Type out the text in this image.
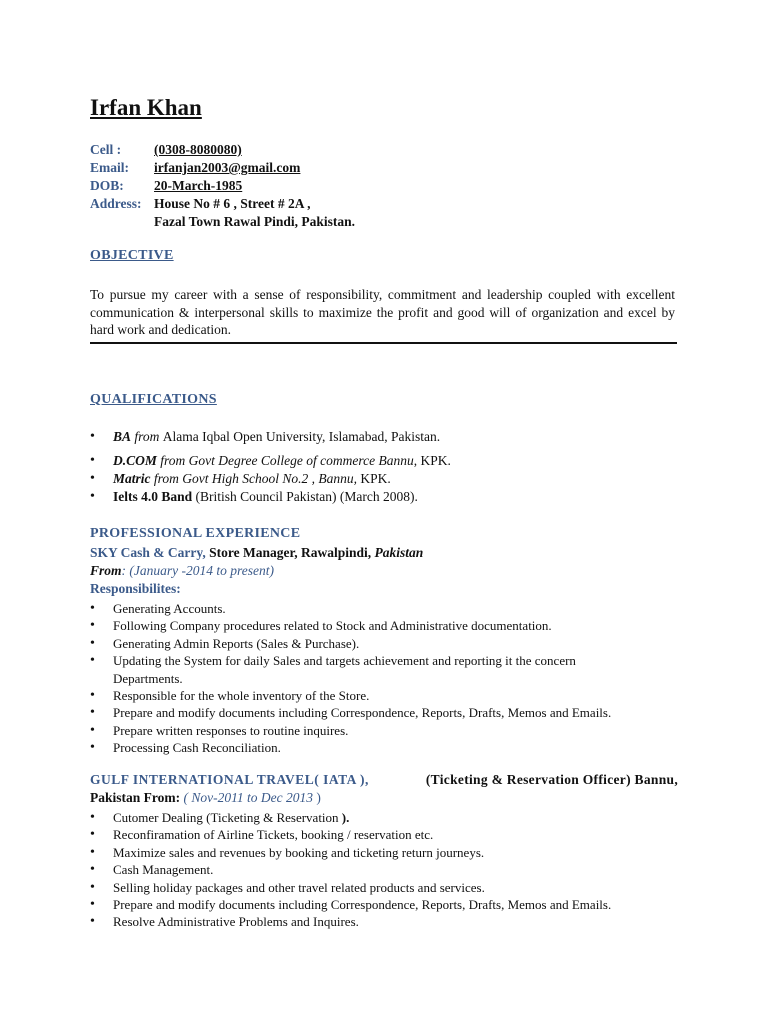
Irfan Khan
Cell :	(0308-8080080)
Email:	irfanjan2003@gmail.com
DOB:	20-March-1985
Address: House No # 6 , Street # 2A ,
Fazal Town Rawal Pindi, Pakistan.
OBJECTIVE

To pursue my career with a sense of responsibility, commitment and leadership coupled with excellent communication & interpersonal skills to maximize the profit and good will of organization and excel by hard work and dedication.

QUALIFICATIONS
• BA from Alama Iqbal Open University, Islamabad, Pakistan.
• D.COM from Govt Degree College of commerce Bannu, KPK.
• Matric from Govt High School No.2 , Bannu, KPK.
• Ielts 4.0 Band (British Council Pakistan) (March 2008).
PROFESSIONAL EXPERIENCE
SKY Cash & Carry, Store Manager, Rawalpindi, Pakistan
From: (January -2014 to present)
Responsibilites:
• Generating Accounts.
• Following Company procedures related to Stock and Administrative documentation.
• Generating Admin Reports (Sales & Purchase).
• Updating the System for daily Sales and targets achievement and reporting it the concern Departments.
• Responsible for the whole inventory of the Store.
• Prepare and modify documents including Correspondence, Reports, Drafts, Memos and Emails.
• Prepare written responses to routine inquires.
• Processing Cash Reconciliation.
GULF INTERNATIONAL TRAVEL( IATA ),	(Ticketing & Reservation Officer) Bannu,
Pakistan From: ( Nov-2011 to Dec 2013 )
• Cutomer Dealing (Ticketing & Reservation ).
• Reconfiramation of Airline Tickets, booking / reservation etc.
• Maximize sales and revenues by booking and ticketing return journeys.
• Cash Management.
• Selling holiday packages and other travel related products and services.
• Prepare and modify documents including Correspondence, Reports, Drafts, Memos and Emails.
• Resolve Administrative Problems and Inquires.
